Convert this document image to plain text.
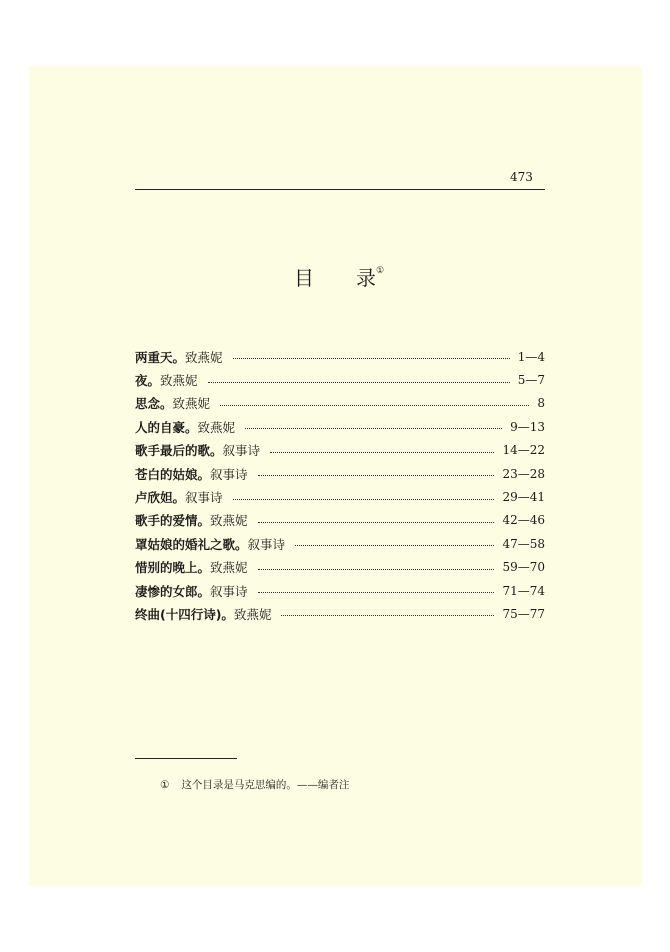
473
目 录①
两重天。 致燕妮	1—4
夜。 致燕妮	5—7
思念。 致燕妮	8
人的自豪。 致燕妮	9—13
歌手最后的歌。 叙事诗	14—22
苍白的姑娘。 叙事诗	23—28
卢欣妲。 叙事诗	29—41
歌手的爱情。 致燕妮	42—46
罩姑娘的婚礼之歌。 叙事诗	47—58
惜别的晚上。 致燕妮	59—70
凄惨的女郎。 叙事诗	71—74
终曲(十四行诗)。 致燕妮	75—77
① 这个目录是马克思编的。——编者注
